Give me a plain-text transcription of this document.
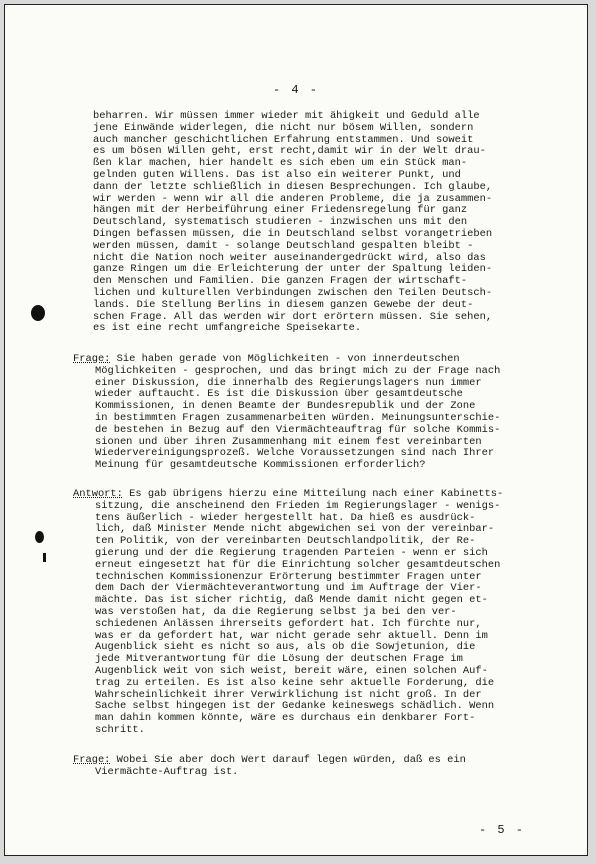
- 4 -
beharren. Wir müssen immer wieder mit ähigkeit und Geduld alle
jene Einwände widerlegen, die nicht nur bösem Willen, sondern
auch mancher geschichtlichen Erfahrung entstammen. Und soweit
es um bösen Willen geht, erst recht,damit wir in der Welt drau-
ßen klar machen, hier handelt es sich eben um ein Stück man-
gelnden guten Willens. Das ist also ein weiterer Punkt, und
dann der letzte schließlich in diesen Besprechungen. Ich glaube,
wir werden - wenn wir all die anderen Probleme, die ja zusammen-
hängen mit der Herbeiführung einer Friedensregelung für ganz
Deutschland, systematisch studieren - inzwischen uns mit den
Dingen befassen müssen, die in Deutschland selbst vorangetrieben
werden müssen, damit - solange Deutschland gespalten bleibt -
nicht die Nation noch weiter auseinandergedrückt wird, also das
ganze Ringen um die Erleichterung der unter der Spaltung leiden-
den Menschen und Familien. Die ganzen Fragen der wirtschaft-
lichen und kulturellen Verbindungen zwischen den Teilen Deutsch-
lands. Die Stellung Berlins in diesem ganzen Gewebe der deut-
schen Frage. All das werden wir dort erörtern müssen. Sie sehen,
es ist eine recht umfangreiche Speisekarte.
Frage: Sie haben gerade von Möglichkeiten - von innerdeutschen
Möglichkeiten - gesprochen, und das bringt mich zu der Frage nach
einer Diskussion, die innerhalb des Regierungslagers nun immer
wieder auftaucht. Es ist die Diskussion über gesamtdeutsche
Kommissionen, in denen Beamte der Bundesrepublik und der Zone
in bestimmten Fragen zusammenarbeiten würden. Meinungsunterschie-
de bestehen in Bezug auf den Viermächteauftrag für solche Kommis-
sionen und über ihren Zusammenhang mit einem fest vereinbarten
Wiedervereinigungsprozeß. Welche Voraussetzungen sind nach Ihrer
Meinung für gesamtdeutsche Kommissionen erforderlich?
Antwort: Es gab übrigens hierzu eine Mitteilung nach einer Kabinetts-
sitzung, die anscheinend den Frieden im Regierungslager - wenigs-
tens äußerlich - wieder hergestellt hat. Da hieß es ausdrück-
lich, daß Minister Mende nicht abgewichen sei von der vereinbar-
ten Politik, von der vereinbarten Deutschlandpolitik, der Re-
gierung und der die Regierung tragenden Parteien - wenn er sich
erneut eingesetzt hat für die Einrichtung solcher gesamtdeutschen
technischen Kommissionenzur Erörterung bestimmter Fragen unter
dem Dach der Viermächteverantwortung und im Auftrage der Vier-
mächte. Das ist sicher richtig, daß Mende damit nicht gegen et-
was verstoßen hat, da die Regierung selbst ja bei den ver-
schiedenen Anlässen ihrerseits gefordert hat. Ich fürchte nur,
was er da gefordert hat, war nicht gerade sehr aktuell. Denn im
Augenblick sieht es nicht so aus, als ob die Sowjetunion, die
jede Mitverantwortung für die Lösung der deutschen Frage im
Augenblick weit von sich weist, bereit wäre, einen solchen Auf-
trag zu erteilen. Es ist also keine sehr aktuelle Forderung, die
Wahrscheinlichkeit ihrer Verwirklichung ist nicht groß. In der
Sache selbst hingegen ist der Gedanke keineswegs schädlich. Wenn
man dahin kommen könnte, wäre es durchaus ein denkbarer Fort-
schritt.
Frage: Wobei Sie aber doch Wert darauf legen würden, daß es ein
Viermächte-Auftrag ist.
- 5 -
